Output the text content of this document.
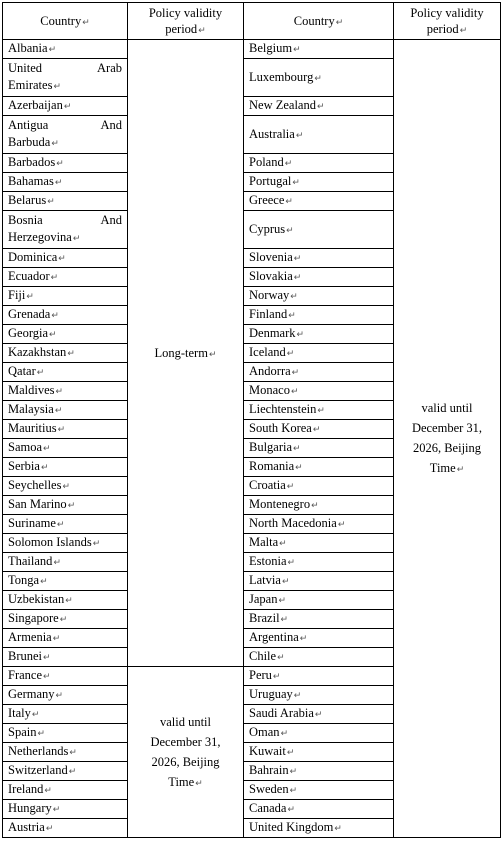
Country↵	Policy validity period↵	Country↵	Policy validity period↵
Albania↵	Long-term↵	Belgium↵	valid until
December 31,
2026, Beijing
Time↵

United Arab Emirates↵		Luxembourg↵	
Azerbaijan↵		New Zealand↵	
Antigua And Barbuda↵		Australia↵	
Barbados↵		Poland↵	
Bahamas↵		Portugal↵	
Belarus↵		Greece↵	
Bosnia And Herzegovina↵		Cyprus↵	
Dominica↵		Slovenia↵	
Ecuador↵		Slovakia↵	
Fiji↵		Norway↵	
Grenada↵		Finland↵	
Georgia↵		Denmark↵	
Kazakhstan↵		Iceland↵	
Qatar↵		Andorra↵	
Maldives↵		Monaco↵	
Malaysia↵		Liechtenstein↵	
Mauritius↵		South Korea↵	
Samoa↵		Bulgaria↵	
Serbia↵		Romania↵	
Seychelles↵		Croatia↵	
San Marino↵		Montenegro↵	
Suriname↵		North Macedonia↵	
Solomon Islands↵		Malta↵	
Thailand↵		Estonia↵	
Tonga↵		Latvia↵	
Uzbekistan↵		Japan↵	
Singapore↵		Brazil↵	
Armenia↵		Argentina↵	
Brunei↵		Chile↵	
France↵	valid until
December 31,
2026, Beijing
Time↵	Peru↵	
Germany↵		Uruguay↵	
Italy↵		Saudi Arabia↵	
Spain↵		Oman↵	
Netherlands↵		Kuwait↵	
Switzerland↵		Bahrain↵	
Ireland↵		Sweden↵	
Hungary↵		Canada↵	
Austria↵		United Kingdom↵	
